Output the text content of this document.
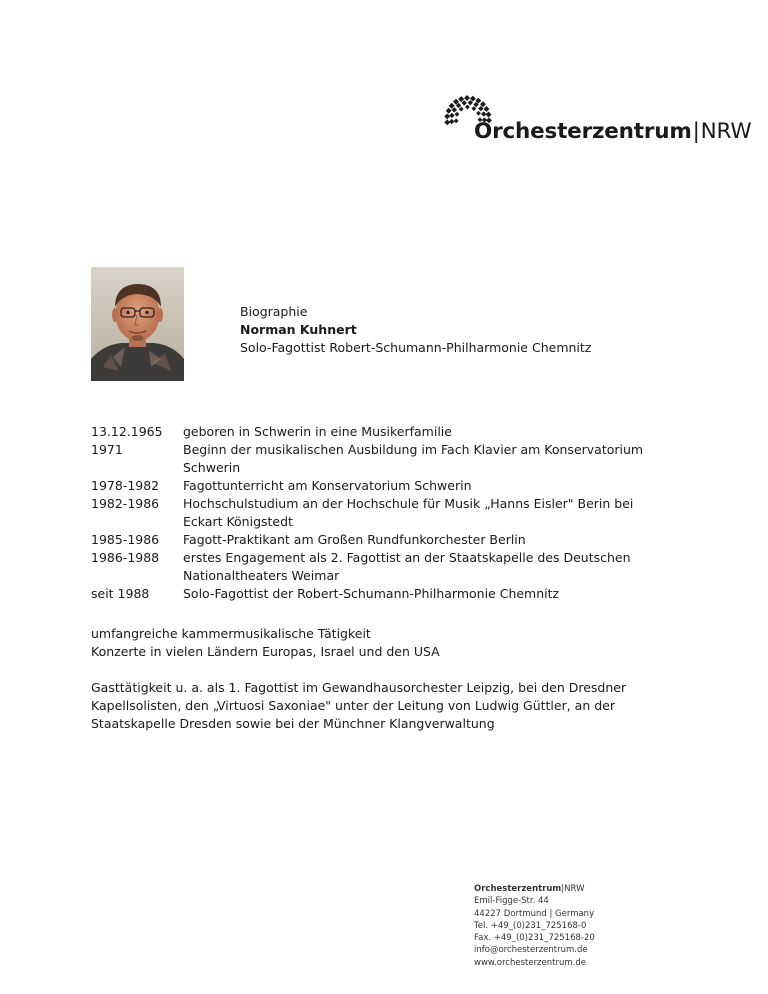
Orchesterzentrum|NRW
Biographie
Norman Kuhnert
Solo-Fagottist Robert-Schumann-Philharmonie Chemnitz
13.12.1965	geboren in Schwerin in eine Musikerfamilie

1971	Beginn der musikalischen Ausbildung im Fach Klavier am Konservatorium
Schwerin

1978-1982	Fagottunterricht am Konservatorium Schwerin

1982-1986	Hochschulstudium an der Hochschule für Musik „Hanns Eisler" Berin bei
Eckart Königstedt

1985-1986	Fagott-Praktikant am Großen Rundfunkorchester Berlin

1986-1988	erstes Engagement als 2. Fagottist an der Staatskapelle des Deutschen
Nationaltheaters Weimar

seit 1988	Solo-Fagottist der Robert-Schumann-Philharmonie Chemnitz
umfangreiche kammermusikalische Tätigkeit
Konzerte in vielen Ländern Europas, Israel und den USA
Gasttätigkeit u. a. als 1. Fagottist im Gewandhausorchester Leipzig, bei den Dresdner
Kapellsolisten, den „Virtuosi Saxoniae" unter der Leitung von Ludwig Güttler, an der
Staatskapelle Dresden sowie bei der Münchner Klangverwaltung
Orchesterzentrum|NRW
Emil-Figge-Str. 44
44227 Dortmund | Germany
Tel. +49_(0)231_725168-0
Fax. +49_(0)231_725168-20
info@orchesterzentrum.de
www.orchesterzentrum.de
